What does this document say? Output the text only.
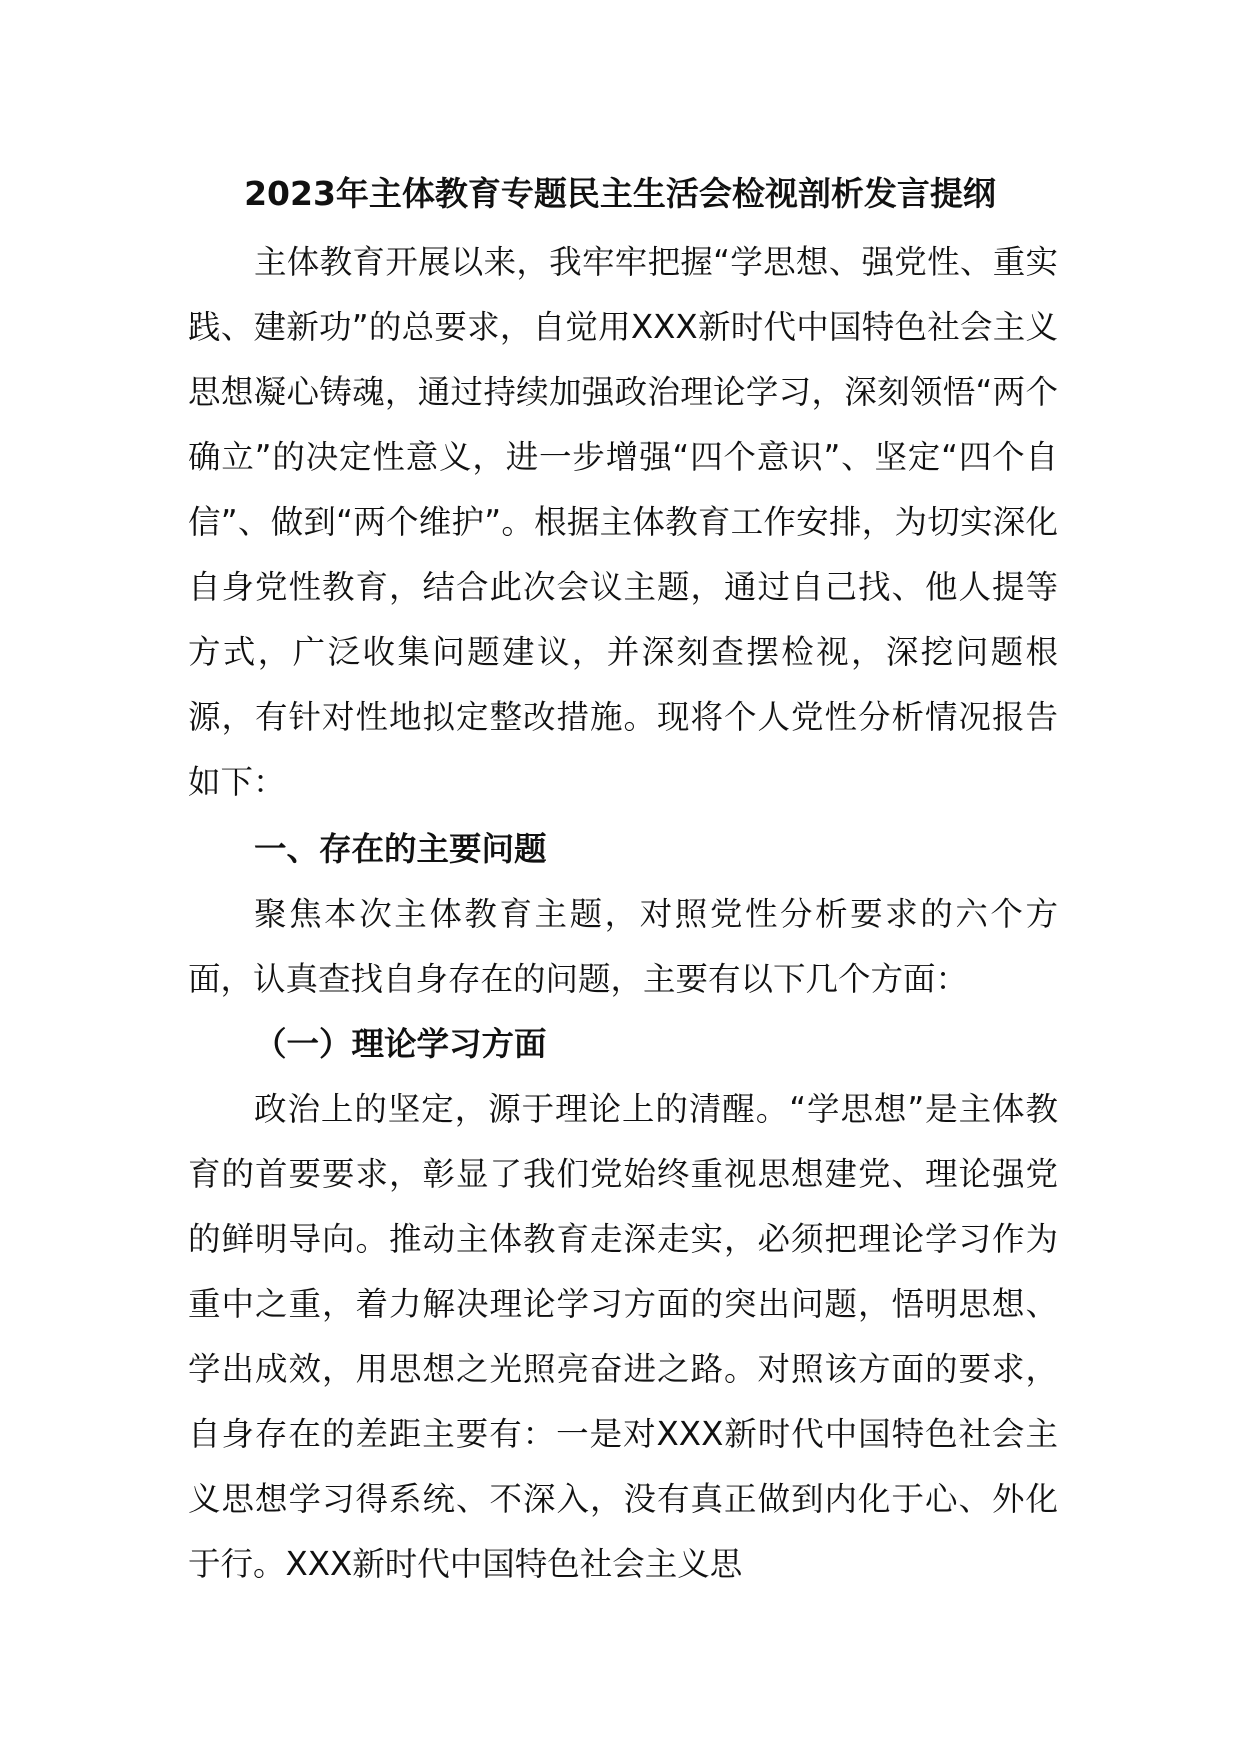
2023年主体教育专题民主生活会检视剖析发言提纲

主体教育开展以来，我牢牢把握“学思想、强党性、重实践、建新功”的总要求，自觉用XXX新时代中国特色社会主义思想凝心铸魂，通过持续加强政治理论学习，深刻领悟“两个确立”的决定性意义，进一步增强“四个意识”、坚定“四个自信”、做到“两个维护”。根据主体教育工作安排，为切实深化自身党性教育，结合此次会议主题，通过自己找、他人提等方式，广泛收集问题建议，并深刻查摆检视，深挖问题根源，有针对性地拟定整改措施。现将个人党性分析情况报告如下：

一、存在的主要问题

聚焦本次主体教育主题，对照党性分析要求的六个方面，认真查找自身存在的问题，主要有以下几个方面：

（一）理论学习方面

政治上的坚定，源于理论上的清醒。“学思想”是主体教育的首要要求，彰显了我们党始终重视思想建党、理论强党的鲜明导向。推动主体教育走深走实，必须把理论学习作为重中之重，着力解决理论学习方面的突出问题，悟明思想、学出成效，用思想之光照亮奋进之路。对照该方面的要求，自身存在的差距主要有：一是对XXX新时代中国特色社会主义思想学习得系统、不深入，没有真正做到内化于心、外化于行。XXX新时代中国特色社会主义思
